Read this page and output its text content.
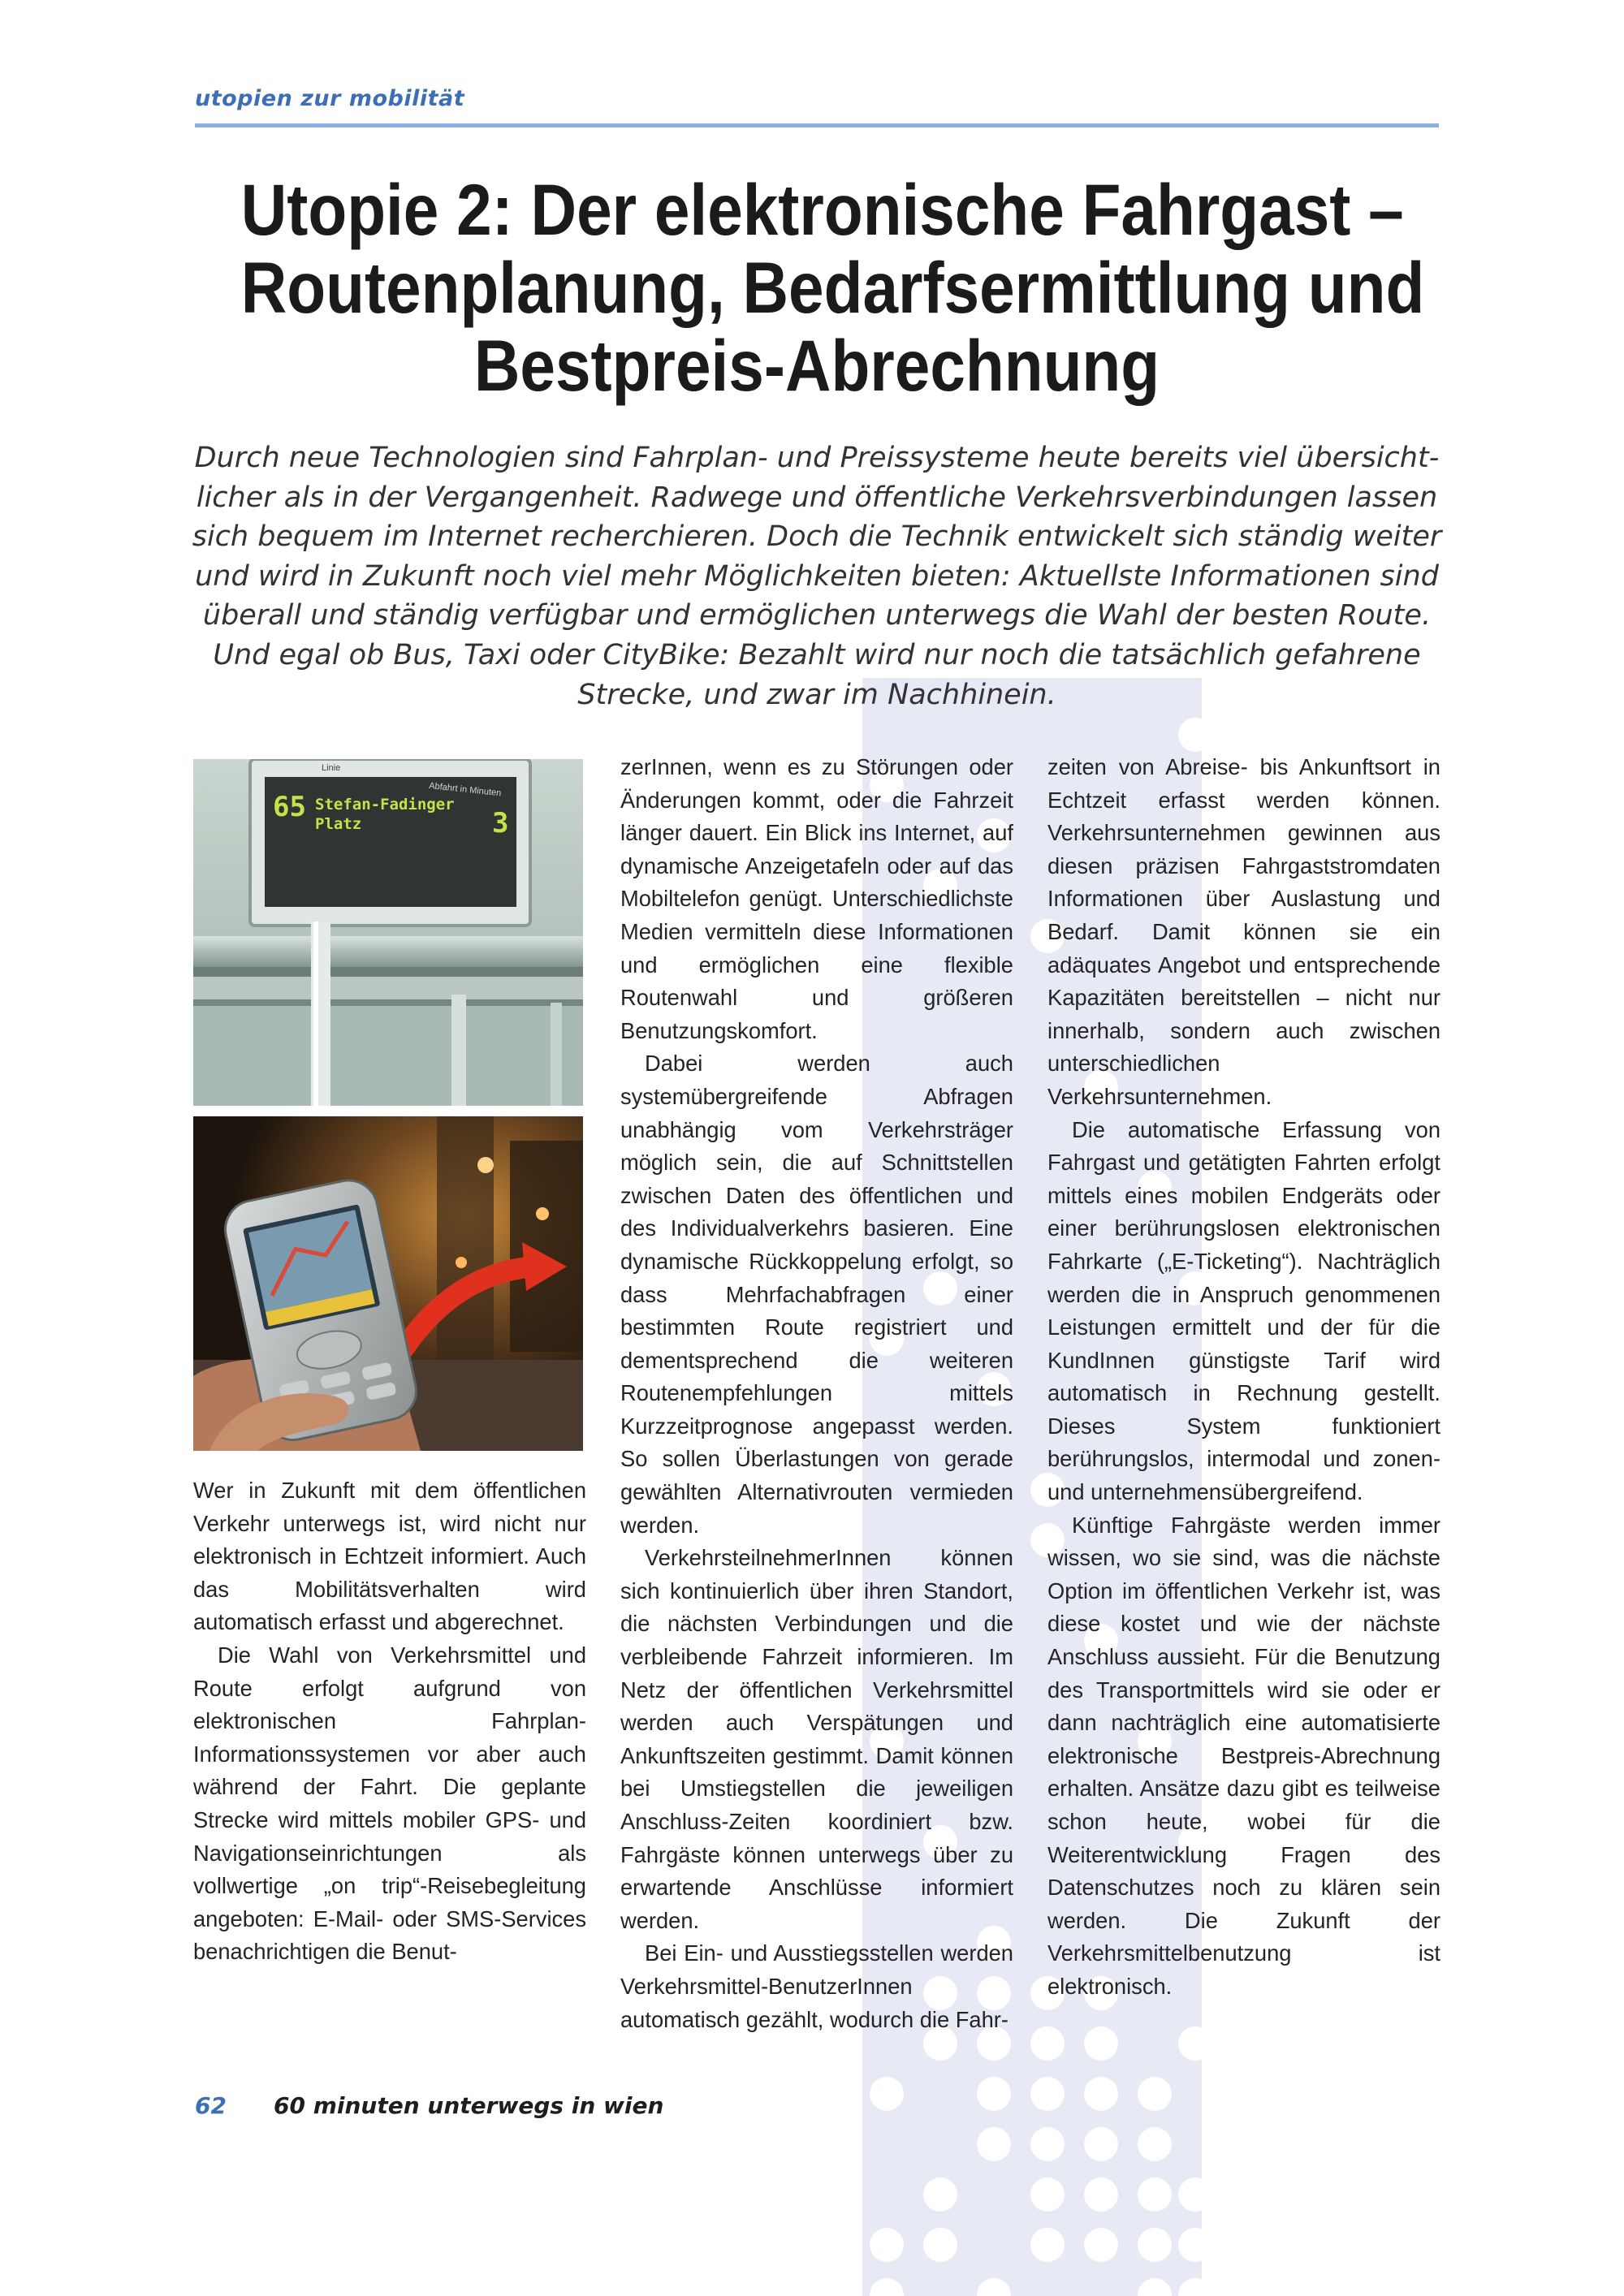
utopien zur mobilität
Utopie 2: Der elektronische Fahrgast –
Routenplanung, Bedarfsermittlung und
Bestpreis-Abrechnung
Durch neue Technologien sind Fahrplan- und Preissysteme heute bereits viel übersicht-
licher als in der Vergangenheit. Radwege und öffentliche Verkehrsverbindungen lassen
sich bequem im Internet recherchieren. Doch die Technik entwickelt sich ständig weiter
und wird in Zukunft noch viel mehr Möglichkeiten bieten: Aktuellste Informationen sind
überall und ständig verfügbar und ermöglichen unterwegs die Wahl der besten Route.
Und egal ob Bus, Taxi oder CityBike: Bezahlt wird nur noch die tatsächlich gefahrene
Strecke, und zwar im Nachhinein.
Linie
Abfahrt in Minuten
65 Stefan-Fadinger
Platz	3

Wer in Zukunft mit dem öffentlichen Verkehr unterwegs ist, wird nicht nur elektronisch in Echtzeit informiert. Auch das Mobilitätsverhalten wird automatisch erfasst und abgerechnet.

Die Wahl von Verkehrsmittel und Route erfolgt aufgrund von elektronischen Fahrplan-Informationssystemen vor aber auch während der Fahrt. Die geplante Strecke wird mittels mobiler GPS- und Navigationseinrichtungen als vollwertige „on trip“-Reisebegleitung angeboten: E-Mail- oder SMS-Services benachrichtigen die Benut-

zerInnen, wenn es zu Störungen oder Änderungen kommt, oder die Fahrzeit länger dauert. Ein Blick ins Internet, auf dynamische Anzeigetafeln oder auf das Mobiltelefon genügt. Unterschiedlichste Medien vermitteln diese Informationen und ermöglichen eine flexible Routenwahl und größeren Benutzungskomfort.

Dabei werden auch systemübergreifende Abfragen unabhängig vom Verkehrsträger möglich sein, die auf Schnittstellen zwischen Daten des öffentlichen und des Individualverkehrs basieren. Eine dynamische Rückkoppelung erfolgt, so dass Mehrfachabfragen einer bestimmten Route registriert und dementsprechend die weiteren Routenempfehlungen mittels Kurzzeitprognose angepasst werden. So sollen Überlastungen von gerade gewählten Alternativrouten vermieden werden.

VerkehrsteilnehmerInnen können sich kontinuierlich über ihren Standort, die nächsten Verbindungen und die verbleibende Fahrzeit informieren. Im Netz der öffentlichen Verkehrsmittel werden auch Verspätungen und Ankunftszeiten gestimmt. Damit können bei Umstiegstellen die jeweiligen Anschluss-Zeiten koordiniert bzw. Fahrgäste können unterwegs über zu erwartende Anschlüsse informiert werden.

Bei Ein- und Ausstiegsstellen werden Verkehrsmittel-BenutzerInnen automatisch gezählt, wodurch die Fahr-

zeiten von Abreise- bis Ankunftsort in Echtzeit erfasst werden können. Verkehrsunternehmen gewinnen aus diesen präzisen Fahrgaststromdaten Informationen über Auslastung und Bedarf. Damit können sie ein adäquates Angebot und entsprechende Kapazitäten bereitstellen – nicht nur innerhalb, sondern auch zwischen unterschiedlichen Verkehrsunternehmen.

Die automatische Erfassung von Fahrgast und getätigten Fahrten erfolgt mittels eines mobilen Endgeräts oder einer berührungslosen elektronischen Fahrkarte („E-Ticketing“). Nachträglich werden die in Anspruch genommenen Leistungen ermittelt und der für die KundInnen günstigste Tarif wird automatisch in Rechnung gestellt. Dieses System funktioniert berührungslos, intermodal und zonen- und unternehmensübergreifend.

Künftige Fahrgäste werden immer wissen, wo sie sind, was die nächste Option im öffentlichen Verkehr ist, was diese kostet und wie der nächste Anschluss aussieht. Für die Benutzung des Transportmittels wird sie oder er dann nachträglich eine automatisierte elektronische Bestpreis-Abrechnung erhalten. Ansätze dazu gibt es teilweise schon heute, wobei für die Weiterentwicklung Fragen des Datenschutzes noch zu klären sein werden. Die Zukunft der Verkehrsmittelbenutzung ist elektronisch.

62 60 minuten unterwegs in wien
